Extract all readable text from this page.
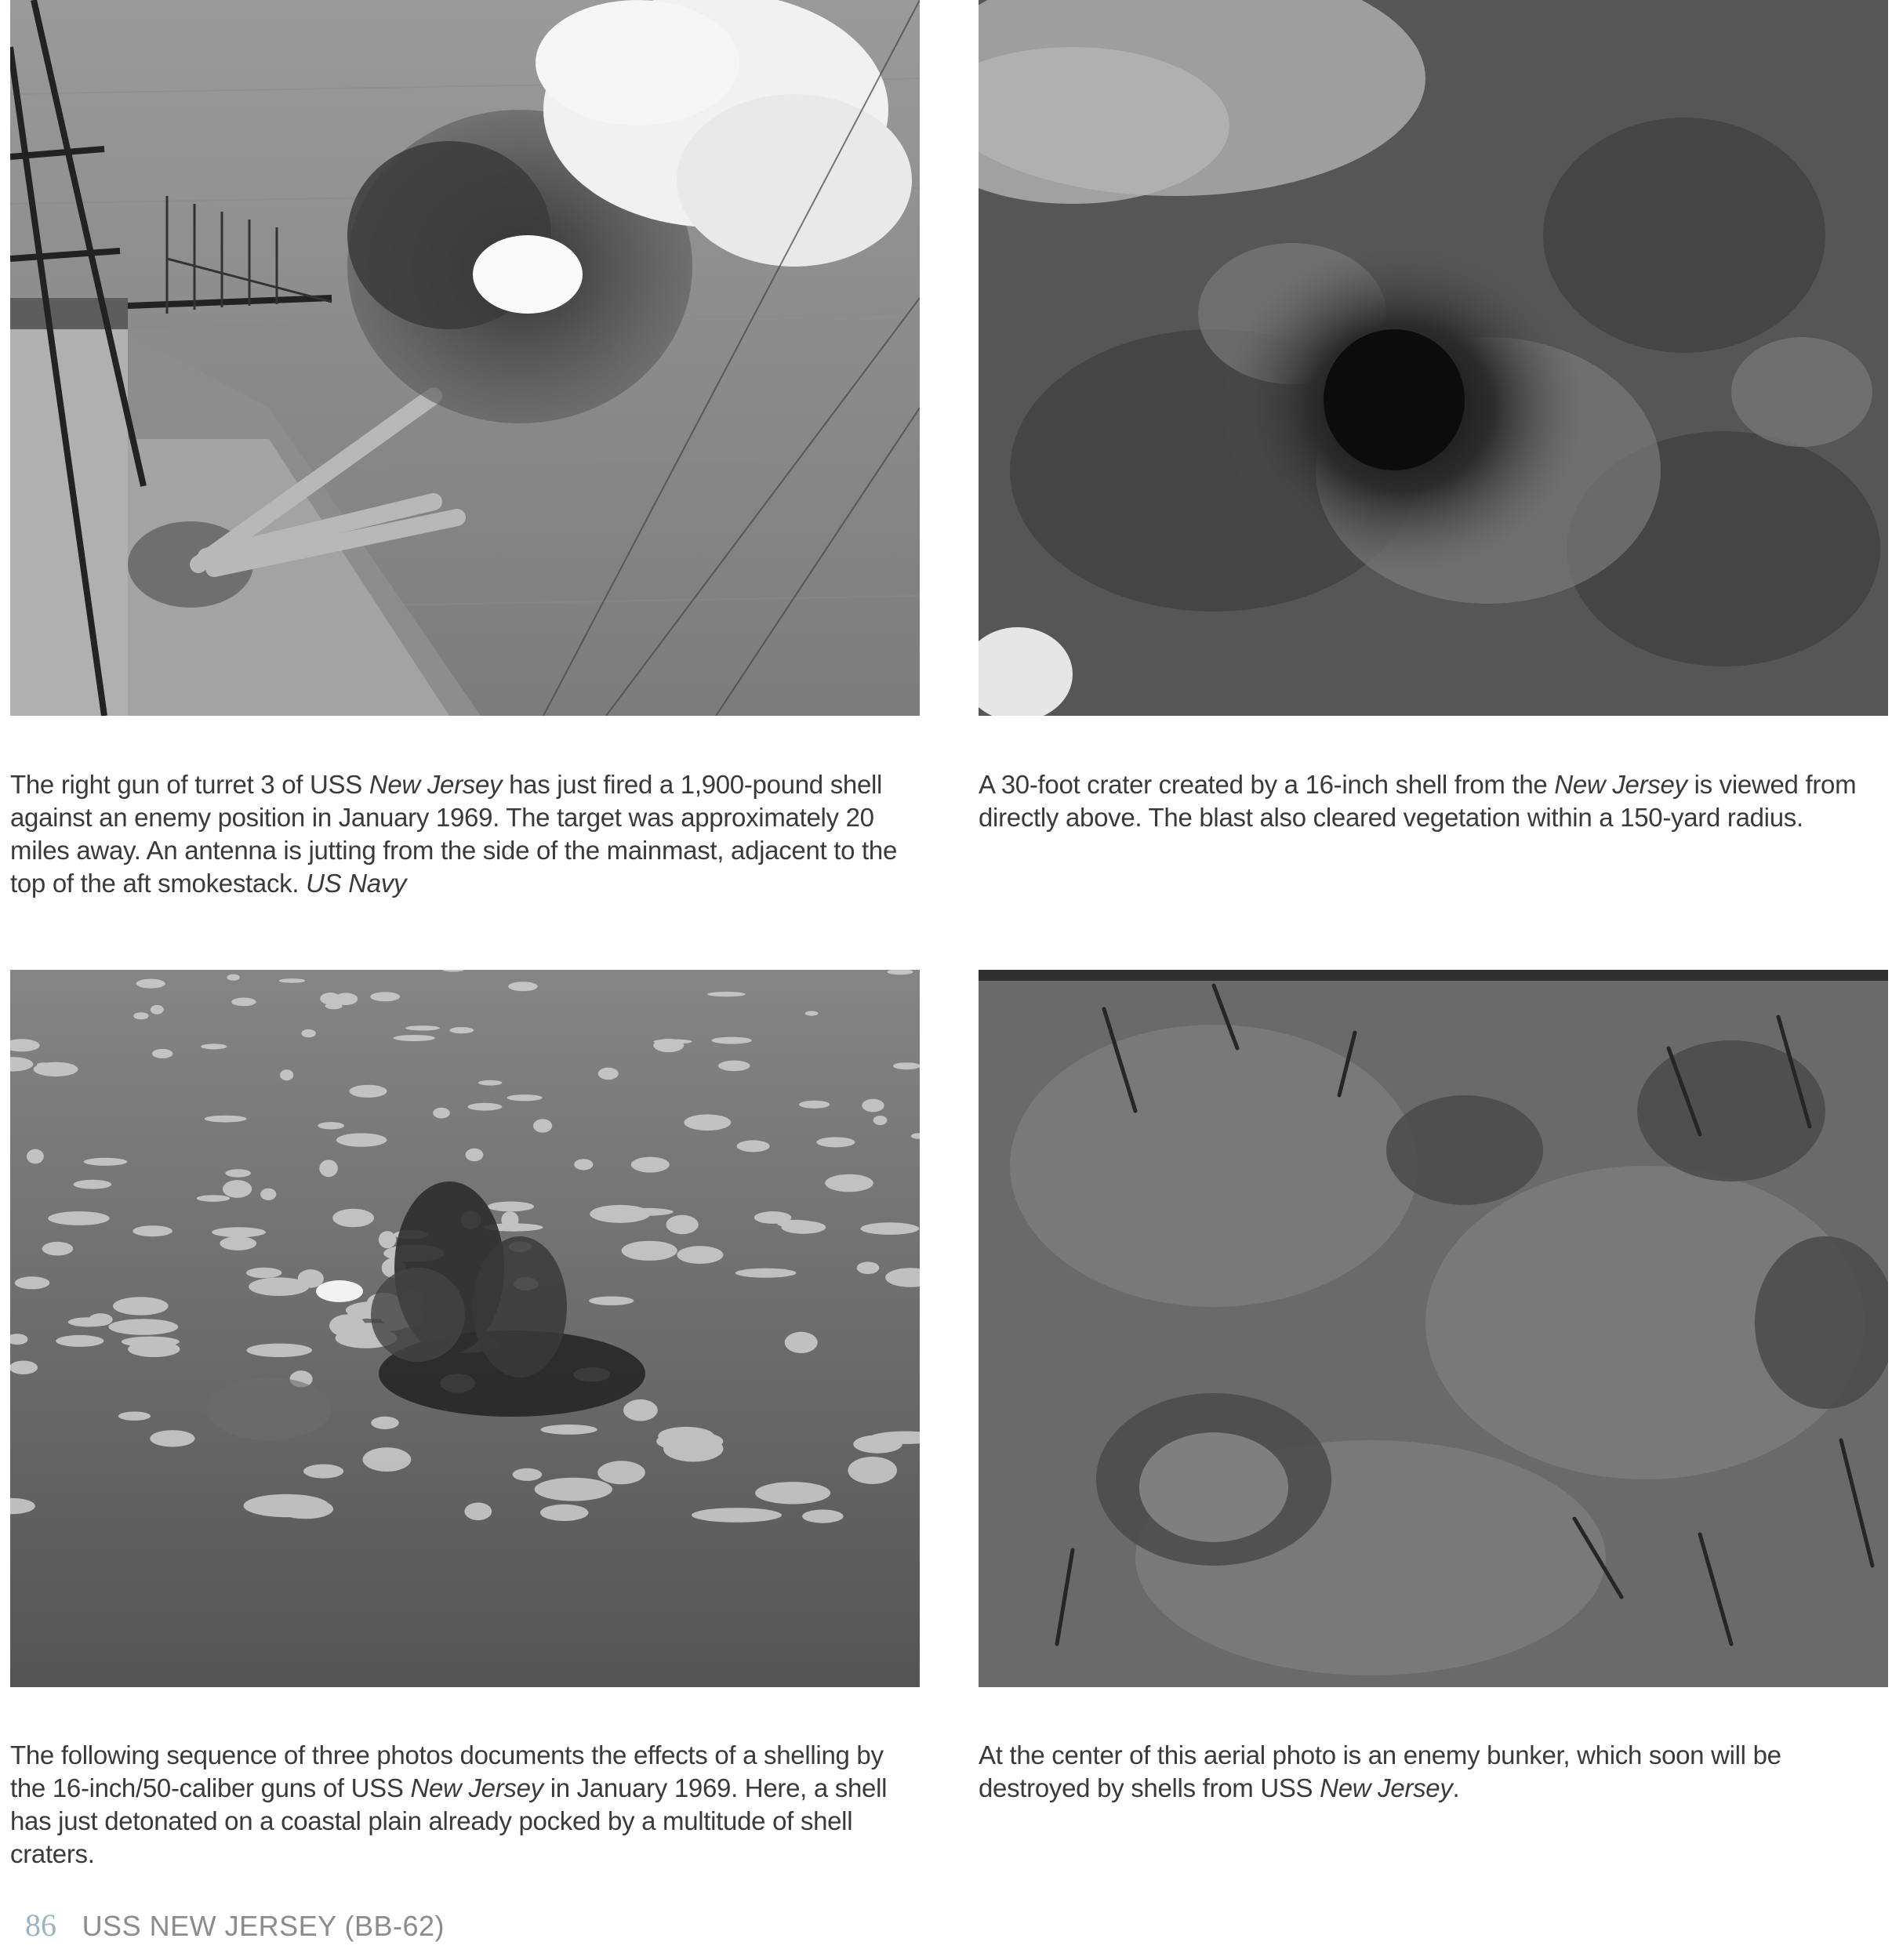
The right gun of turret 3 of USS New Jersey has just fired a 1,900-pound shell against an enemy position in January 1969. The target was approximately 20 miles away. An antenna is jutting from the side of the mainmast, adjacent to the top of the aft smokestack. US Navy

A 30-foot crater created by a 16-inch shell from the New Jersey is viewed from directly above. The blast also cleared vegetation within a 150-yard radius.

The following sequence of three photos documents the effects of a shelling by the 16-inch/50-caliber guns of USS New Jersey in January 1969. Here, a shell has just detonated on a coastal plain already pocked by a multitude of shell craters.

At the center of this aerial photo is an enemy bunker, which soon will be destroyed by shells from USS New Jersey.

86 USS NEW JERSEY (BB-62)
